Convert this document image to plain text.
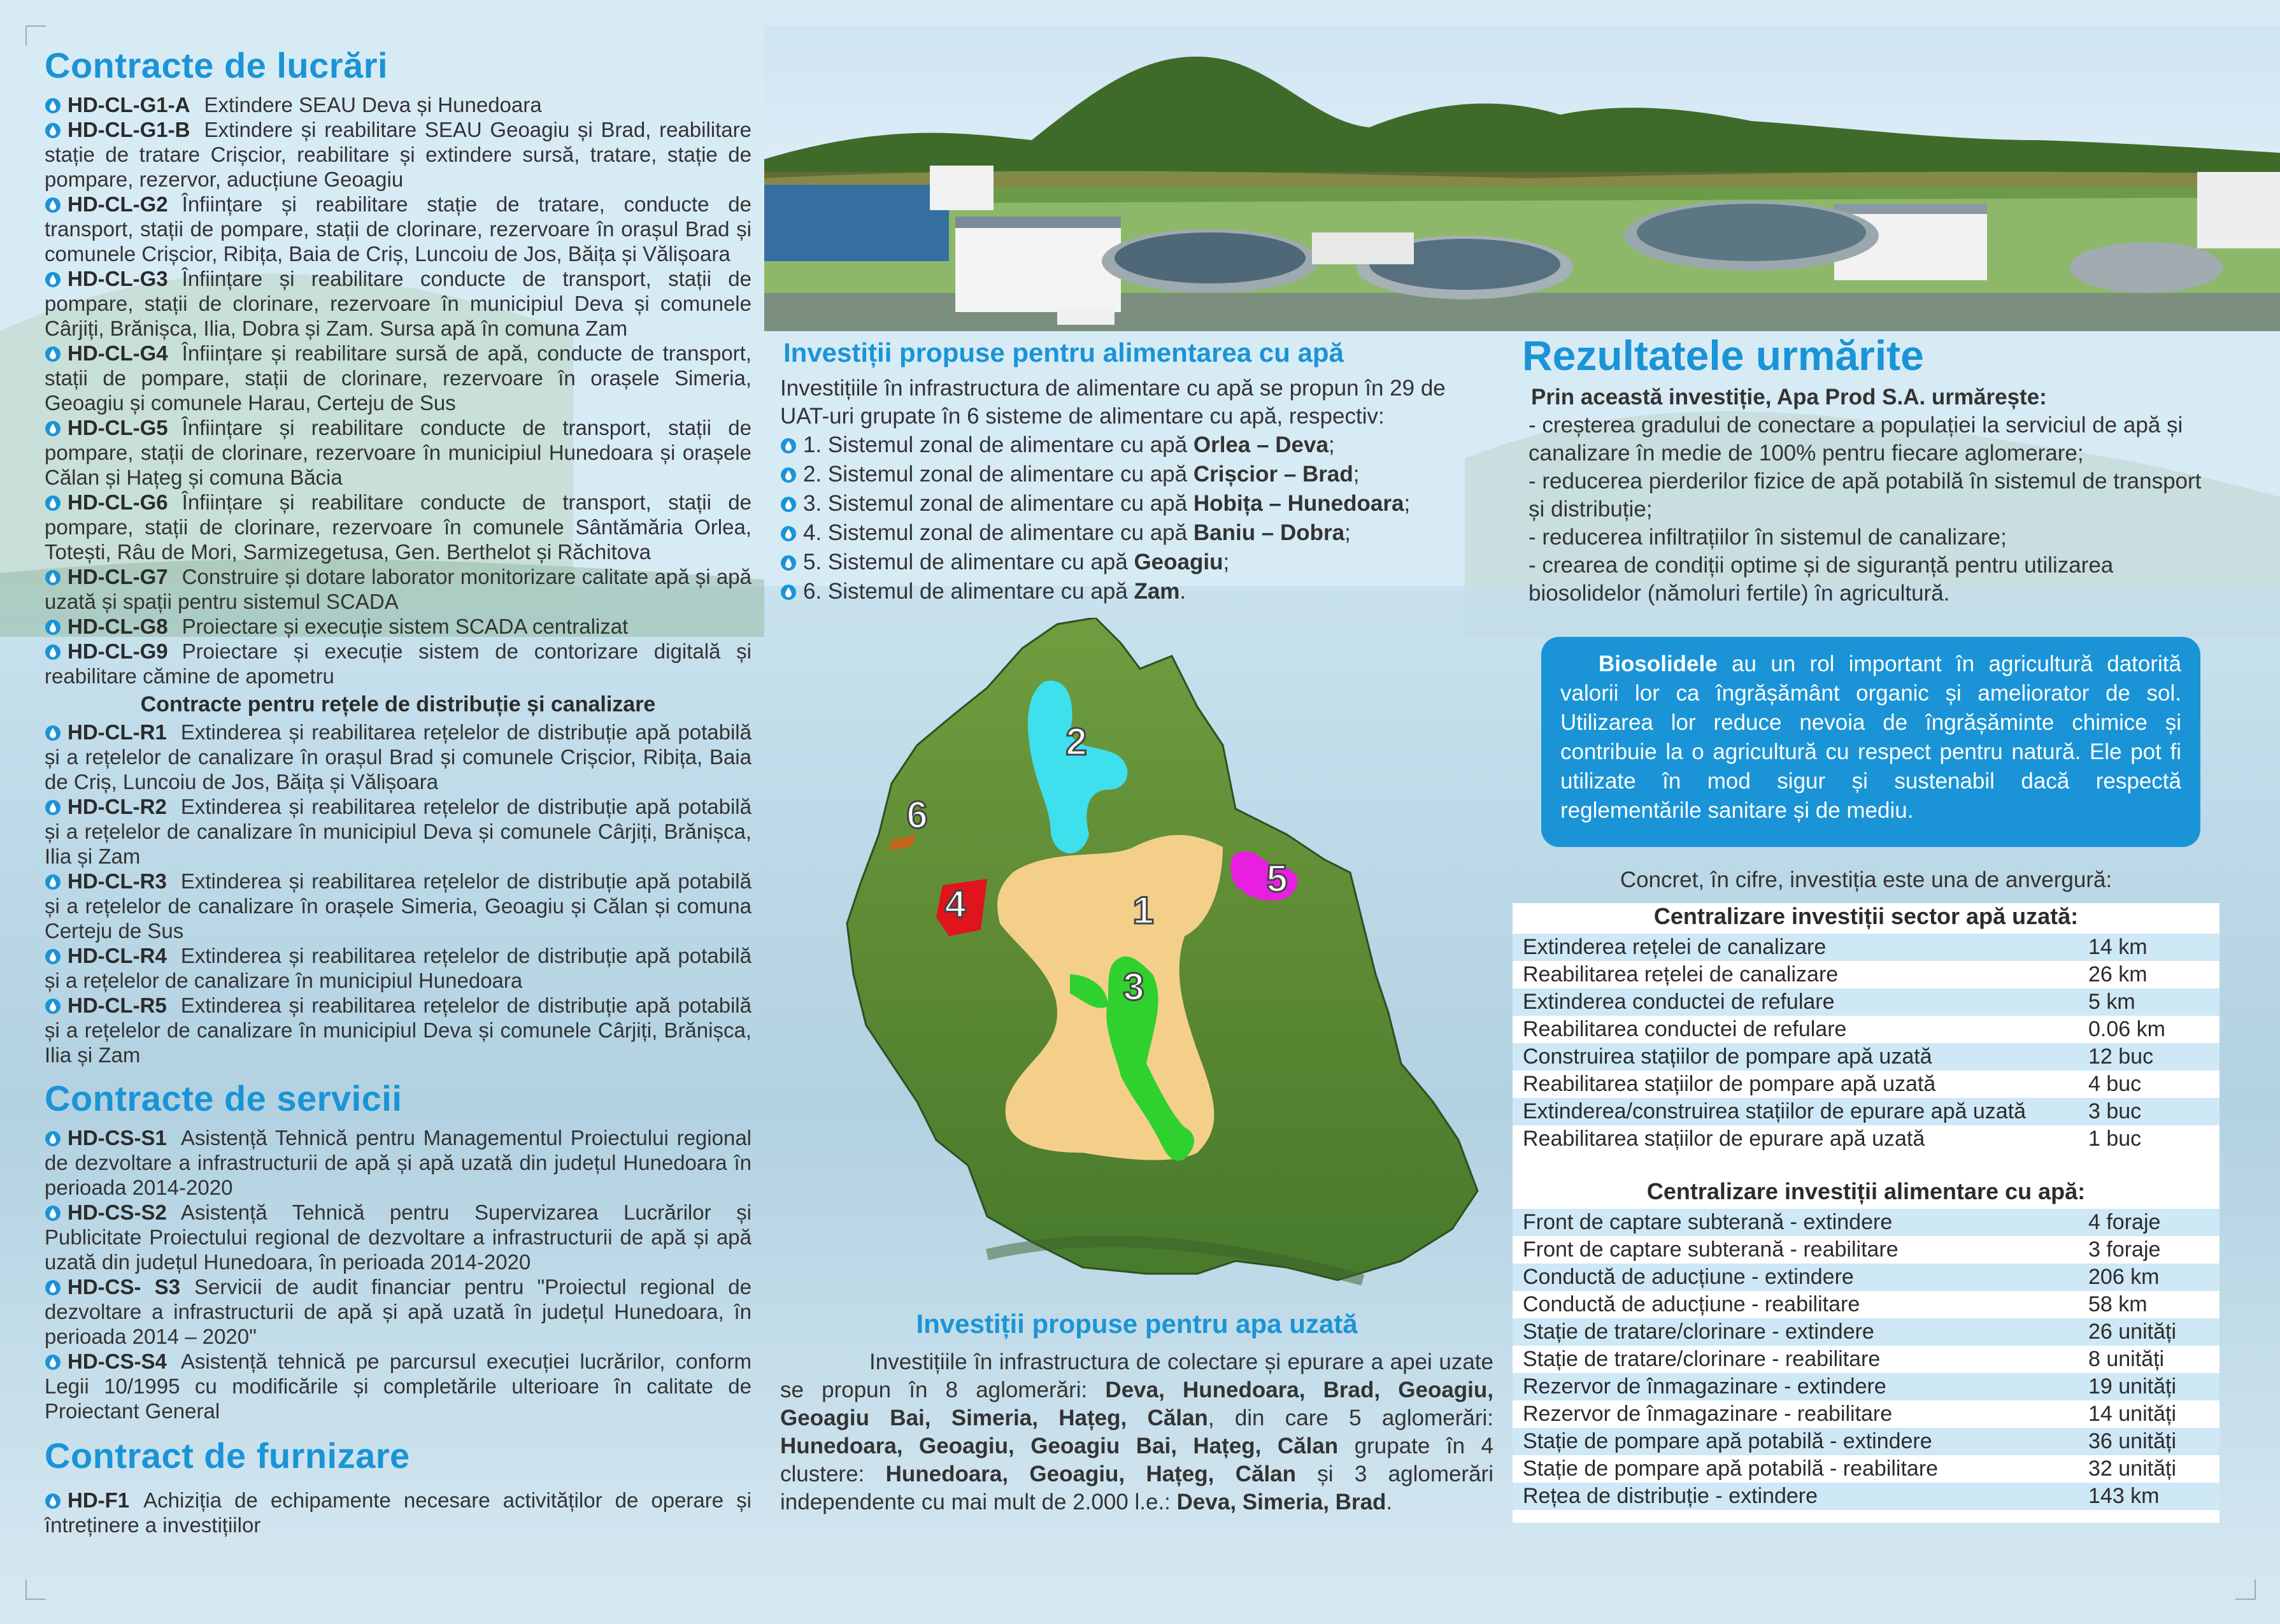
Contracte de lucrări

HD-CL-G1-A Extindere SEAU Deva și Hunedoara

HD-CL-G1-B Extindere și reabilitare SEAU Geoagiu și Brad, reabilitare stație de tratare Crișcior, reabilitare și extindere sursă, tratare, stație de pompare, rezervor, aducțiune Geoagiu

HD-CL-G2 Înființare și reabilitare stație de tratare, conducte de transport, stații de pompare, stații de clorinare, rezervoare în orașul Brad și comunele Crișcior, Ribița, Baia de Criș, Luncoiu de Jos, Băița și Vălișoara

HD-CL-G3 Înființare și reabilitare conducte de transport, stații de pompare, stații de clorinare, rezervoare în municipiul Deva și comunele Cârjiți, Brănișca, Ilia, Dobra și Zam. Sursa apă în comuna Zam

HD-CL-G4 Înființare și reabilitare sursă de apă, conducte de transport, stații de pompare, stații de clorinare, rezervoare în orașele Simeria, Geoagiu și comunele Harau, Certeju de Sus

HD-CL-G5 Înființare și reabilitare conducte de transport, stații de pompare, stații de clorinare, rezervoare în municipiul Hunedoara și orașele Călan și Hațeg și comuna Băcia

HD-CL-G6 Înființare și reabilitare conducte de transport, stații de pompare, stații de clorinare, rezervoare în comunele Sântămăria Orlea, Totești, Râu de Mori, Sarmizegetusa, Gen. Berthelot și Răchitova

HD-CL-G7 Construire și dotare laborator monitorizare calitate apă și apă uzată și spații pentru sistemul SCADA

HD-CL-G8 Proiectare și execuție sistem SCADA centralizat

HD-CL-G9 Proiectare și execuție sistem de contorizare digitală și reabilitare cămine de apometru

Contracte pentru rețele de distribuție și canalizare

HD-CL-R1 Extinderea și reabilitarea rețelelor de distribuție apă potabilă și a rețelelor de canalizare în orașul Brad și comunele Crișcior, Ribița, Baia de Criș, Luncoiu de Jos, Băița și Vălișoara

HD-CL-R2 Extinderea și reabilitarea rețelelor de distribuție apă potabilă și a rețelelor de canalizare în municipiul Deva și comunele Cârjiți, Brănișca, Ilia și Zam

HD-CL-R3 Extinderea și reabilitarea rețelelor de distribuție apă potabilă și a rețelelor de canalizare în orașele Simeria, Geoagiu și Călan și comuna Certeju de Sus

HD-CL-R4 Extinderea și reabilitarea rețelelor de distribuție apă potabilă și a rețelelor de canalizare în municipiul Hunedoara

HD-CL-R5 Extinderea și reabilitarea rețelelor de distribuție apă potabilă și a rețelelor de canalizare în municipiul Deva și comunele Cârjiți, Brănișca, Ilia și Zam

Contracte de servicii

HD-CS-S1 Asistență Tehnică pentru Managementul Proiectului regional de dezvoltare a infrastructurii de apă și apă uzată din județul Hunedoara în perioada 2014-2020

HD-CS-S2 Asistență Tehnică pentru Supervizarea Lucrărilor și Publicitate Proiectului regional de dezvoltare a infrastructurii de apă și apă uzată din județul Hunedoara, în perioada 2014-2020

HD-CS- S3 Servicii de audit financiar pentru "Proiectul regional de dezvoltare a infrastructurii de apă și apă uzată în județul Hunedoara, în perioada 2014 – 2020"

HD-CS-S4 Asistență tehnică pe parcursul execuției lucrărilor, conform Legii 10/1995 cu modificările și completările ulterioare în calitate de Proiectant General

Contract de furnizare

HD-F1 Achiziția de echipamente necesare activităților de operare și întreținere a investițiilor

Investiții propuse pentru alimentarea cu apă

Investițiile în infrastructura de alimentare cu apă se propun în 29 de UAT-uri grupate în 6 sisteme de alimentare cu apă, respectiv:

1. Sistemul zonal de alimentare cu apă Orlea – Deva;
2. Sistemul zonal de alimentare cu apă Crișcior – Brad;
3. Sistemul zonal de alimentare cu apă Hobița – Hunedoara;
4. Sistemul zonal de alimentare cu apă Baniu – Dobra;
5. Sistemul de alimentare cu apă Geoagiu;
6. Sistemul de alimentare cu apă Zam.
1
2
3
4
5
6
Investiții propuse pentru apa uzată

Investițiile în infrastructura de colectare și epurare a apei uzate se propun în 8 aglomerări: Deva, Hunedoara, Brad, Geoagiu, Geoagiu Bai, Simeria, Hațeg, Călan, din care 5 aglomerări: Hunedoara, Geoagiu, Geoagiu Bai, Hațeg, Călan grupate în 4 clustere: Hunedoara, Geoagiu, Hațeg, Călan și 3 aglomerări independente cu mai mult de 2.000 l.e.: Deva, Simeria, Brad.

Rezultatele urmărite

Prin această investiție, Apa Prod S.A. urmărește:

- creșterea gradului de conectare a populației la serviciul de apă și canalizare în medie de 100% pentru fiecare aglomerare;

- reducerea pierderilor fizice de apă potabilă în sistemul de transport și distribuție;

- reducerea infiltrațiilor în sistemul de canalizare;

- crearea de condiții optime și de siguranță pentru utilizarea biosolidelor (nămoluri fertile) în agricultură.

Biosolidele au un rol important în agricultură datorită valorii lor ca îngrășământ organic și ameliorator de sol. Utilizarea lor reduce nevoia de îngrășăminte chimice și contribuie la o agricultură cu respect pentru natură. Ele pot fi utilizate în mod sigur și sustenabil dacă respectă reglementările sanitare și de mediu.

Concret, în cifre, investiția este una de anvergură:

Centralizare investiții sector apă uzată:
Extinderea rețelei de canalizare	14 km
Reabilitarea rețelei de canalizare	26 km
Extinderea conductei de refulare	5 km
Reabilitarea conductei de refulare	0.06 km
Construirea stațiilor de pompare apă uzată	12 buc
Reabilitarea stațiilor de pompare apă uzată	4 buc
Extinderea/construirea stațiilor de epurare apă uzată	3 buc
Reabilitarea stațiilor de epurare apă uzată	1 buc
Centralizare investiții alimentare cu apă:
Front de captare subterană - extindere	4 foraje
Front de captare subterană - reabilitare	3 foraje
Conductă de aducțiune - extindere	206 km
Conductă de aducțiune - reabilitare	58 km
Stație de tratare/clorinare - extindere	26 unități
Stație de tratare/clorinare - reabilitare	8 unități
Rezervor de înmagazinare - extindere	19 unități
Rezervor de înmagazinare - reabilitare	14 unități
Stație de pompare apă potabilă - extindere	36 unități
Stație de pompare apă potabilă - reabilitare	32 unități
Rețea de distribuție - extindere	143 km
